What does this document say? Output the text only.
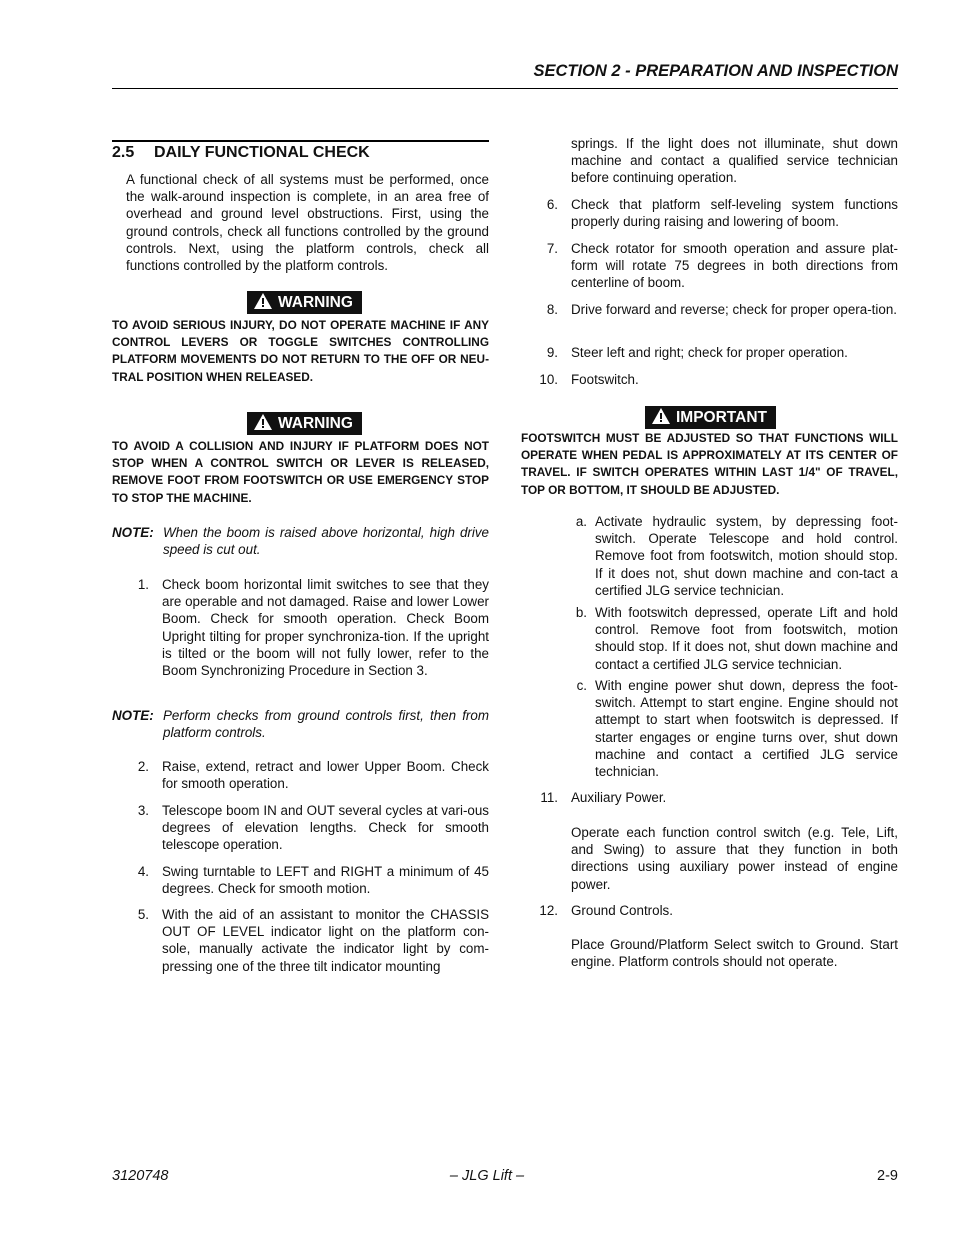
SECTION 2 - PREPARATION AND INSPECTION
2.5 DAILY FUNCTIONAL CHECK

A functional check of all systems must be performed, once the walk-around inspection is complete, in an area free of overhead and ground level obstructions. First, using the ground controls, check all functions controlled by the ground controls. Next, using the platform controls, check all functions controlled by the platform controls.

WARNING

TO AVOID SERIOUS INJURY, DO NOT OPERATE MACHINE IF ANY CONTROL LEVERS OR TOGGLE SWITCHES CONTROLLING PLATFORM MOVEMENTS DO NOT RETURN TO THE OFF OR NEU-TRAL POSITION WHEN RELEASED.

WARNING

TO AVOID A COLLISION AND INJURY IF PLATFORM DOES NOT STOP WHEN A CONTROL SWITCH OR LEVER IS RELEASED, REMOVE FOOT FROM FOOTSWITCH OR USE EMERGENCY STOP TO STOP THE MACHINE.

NOTE: When the boom is raised above horizontal, high drive speed is cut out.
1. Check boom horizontal limit switches to see that they are operable and not damaged. Raise and lower Lower Boom. Check for smooth operation. Check Boom Upright tilting for proper synchroniza-tion. If the upright is tilted or the boom will not fully lower, refer to the Boom Synchronizing Procedure in Section 3.
NOTE: Perform checks from ground controls first, then from platform controls.
2. Raise, extend, retract and lower Upper Boom. Check for smooth operation.
3. Telescope boom IN and OUT several cycles at vari-ous degrees of elevation lengths. Check for smooth telescope operation.
4. Swing turntable to LEFT and RIGHT a minimum of 45 degrees. Check for smooth motion.
5. With the aid of an assistant to monitor the CHASSIS OUT OF LEVEL indicator light on the platform con-sole, manually activate the indicator light by com-pressing one of the three tilt indicator mounting
springs. If the light does not illuminate, shut down machine and contact a qualified service technician before continuing operation.
6. Check that platform self-leveling system functions properly during raising and lowering of boom.
7. Check rotator for smooth operation and assure plat-form will rotate 75 degrees in both directions from centerline of boom.
8. Drive forward and reverse; check for proper opera-tion.
9. Steer left and right; check for proper operation.
10. Footswitch.
IMPORTANT

FOOTSWITCH MUST BE ADJUSTED SO THAT FUNCTIONS WILL OPERATE WHEN PEDAL IS APPROXIMATELY AT ITS CENTER OF TRAVEL. IF SWITCH OPERATES WITHIN LAST 1/4" OF TRAVEL, TOP OR BOTTOM, IT SHOULD BE ADJUSTED.

a. Activate hydraulic system, by depressing foot-switch. Operate Telescope and hold control. Remove foot from footswitch, motion should stop. If it does not, shut down machine and con-tact a certified JLG service technician.
b. With footswitch depressed, operate Lift and hold control. Remove foot from footswitch, motion should stop. If it does not, shut down machine and contact a certified JLG service technician.
c. With engine power shut down, depress the foot-switch. Attempt to start engine. Engine should not attempt to start when footswitch is depressed. If starter engages or engine turns over, shut down machine and contact a certified JLG service technician.
11. Auxiliary Power.

Operate each function control switch (e.g. Tele, Lift, and Swing) to assure that they function in both directions using auxiliary power instead of engine power.

12. Ground Controls.

Place Ground/Platform Select switch to Ground. Start engine. Platform controls should not operate.

3120748	– JLG Lift –	2-9
